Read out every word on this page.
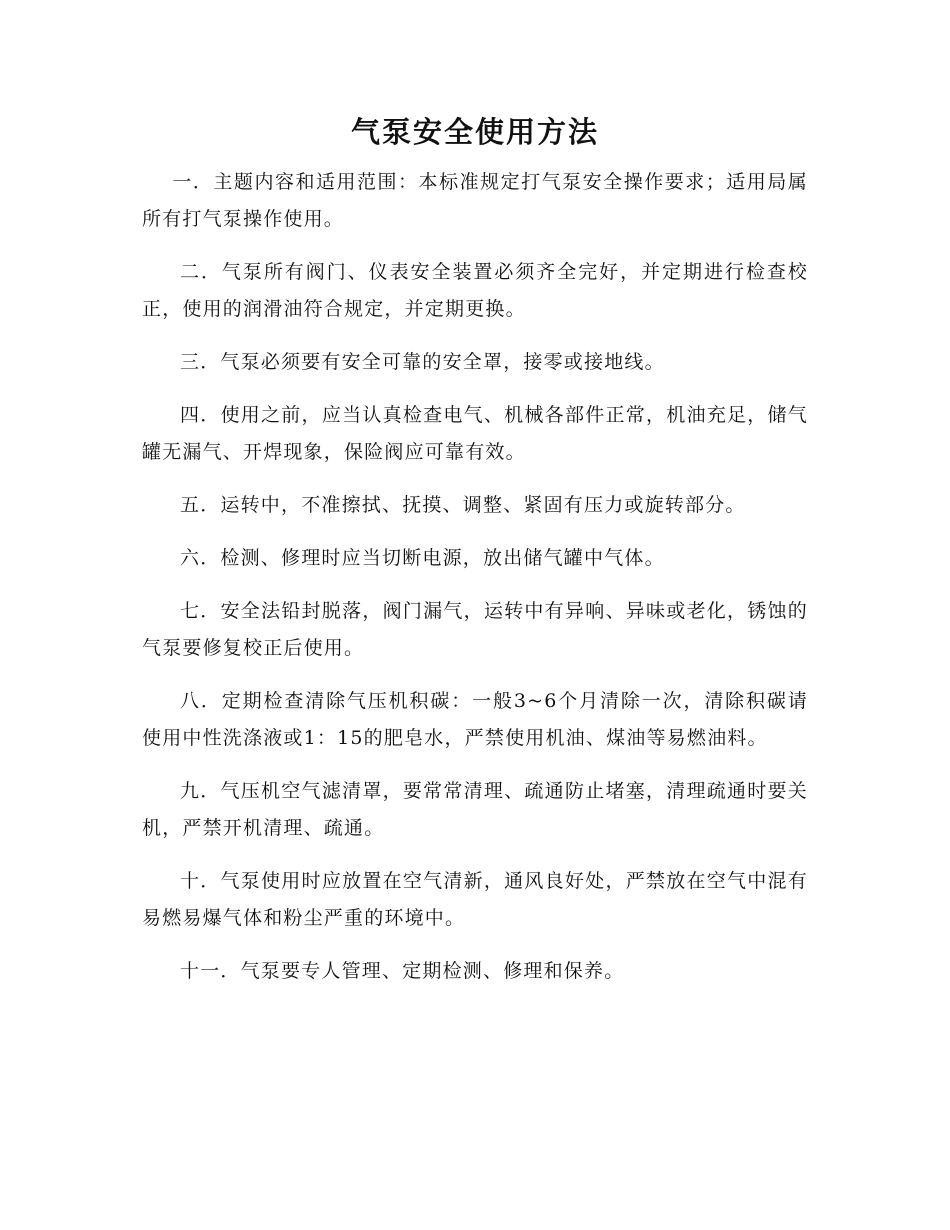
气泵安全使用方法

一．主题内容和适用范围：本标准规定打气泵安全操作要求；适用局属所有打气泵操作使用。

二．气泵所有阀门、仪表安全装置必须齐全完好，并定期进行检查校正，使用的润滑油符合规定，并定期更换。

三．气泵必须要有安全可靠的安全罩，接零或接地线。

四．使用之前，应当认真检查电气、机械各部件正常，机油充足，储气罐无漏气、开焊现象，保险阀应可靠有效。

五．运转中，不准擦拭、抚摸、调整、紧固有压力或旋转部分。

六．检测、修理时应当切断电源，放出储气罐中气体。

七．安全法铅封脱落，阀门漏气，运转中有异响、异味或老化，锈蚀的气泵要修复校正后使用。

八．定期检查清除气压机积碳：一般3~6个月清除一次，清除积碳请使用中性洗涤液或1：15的肥皂水，严禁使用机油、煤油等易燃油料。

九．气压机空气滤清罩，要常常清理、疏通防止堵塞，清理疏通时要关机，严禁开机清理、疏通。

十．气泵使用时应放置在空气清新，通风良好处，严禁放在空气中混有易燃易爆气体和粉尘严重的环境中。

十一．气泵要专人管理、定期检测、修理和保养。
